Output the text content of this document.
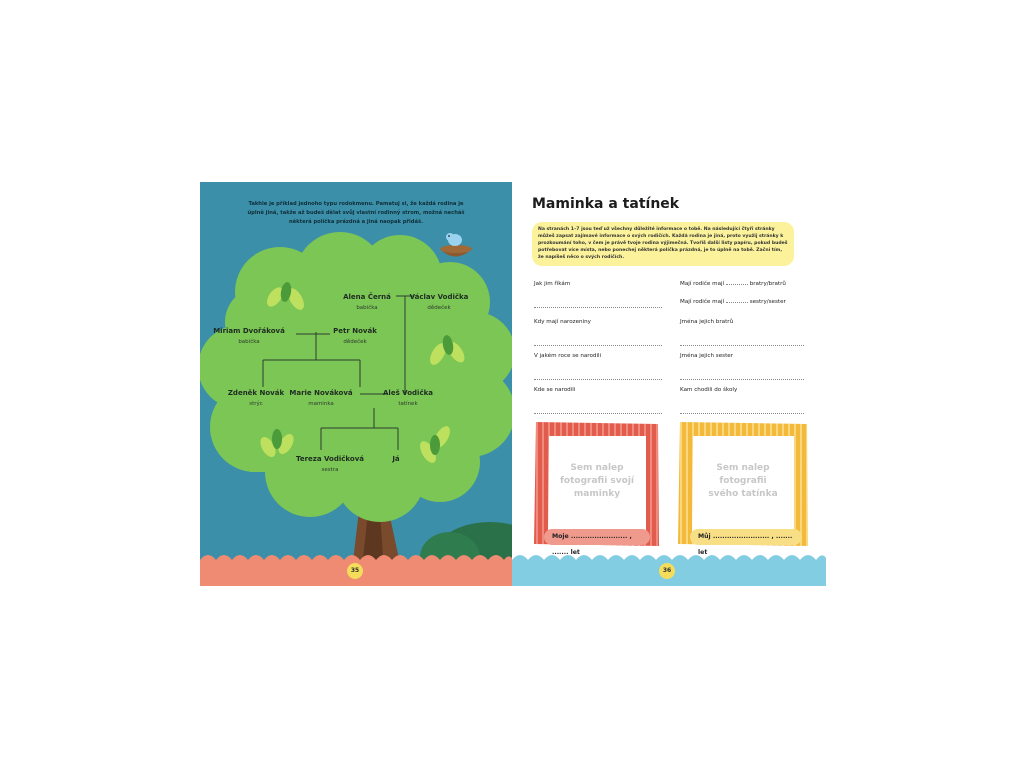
Takhle je příklad jednoho typu rodokmenu. Pamatuj si, že každá rodina je úplně jiná, takže až budeš dělat svůj vlastní rodinný strom, možná necháš některá políčka prázdná a jiná naopak přidáš.
Alena Černá
babička
Václav Vodička
dědeček
Miriam Dvořáková
babička
Petr Novák
dědeček
Zdeněk Novák
strýc
Marie Nováková
maminka
Aleš Vodička
tatínek
Tereza Vodičková
sestra
Já
35
Maminka a tatínek
Na stranách 1–7 jsou teď už všechny důležité informace o tobě. Na následující čtyři stránky můžeš zapsat zajímavé informace o svých rodičích. Každá rodina je jiná, proto využij stránky k prozkoumání toho, v čem je právě tvoje rodina výjimečná. Tvoříš další listy papíru, pokud budeš potřebovat více místa, nebo ponechej některá políčka prázdná, je to úplně na tobě. Začni tím, že napíšeš něco o svých rodičích.
Jak jim říkám
Kdy mají narozeniny
V jakém roce se narodili
Kde se narodili
Mají rodiče mají	bratry/bratrů
Mají rodiče mají	sestry/sester
Jména jejich bratrů
Jména jejich sester
Kam chodili do školy
Sem nalep fotografii svojí maminky
Sem nalep fotografii svého tatínka
Moje ........................ , ....... let
Můj ........................ , ....... let
36
